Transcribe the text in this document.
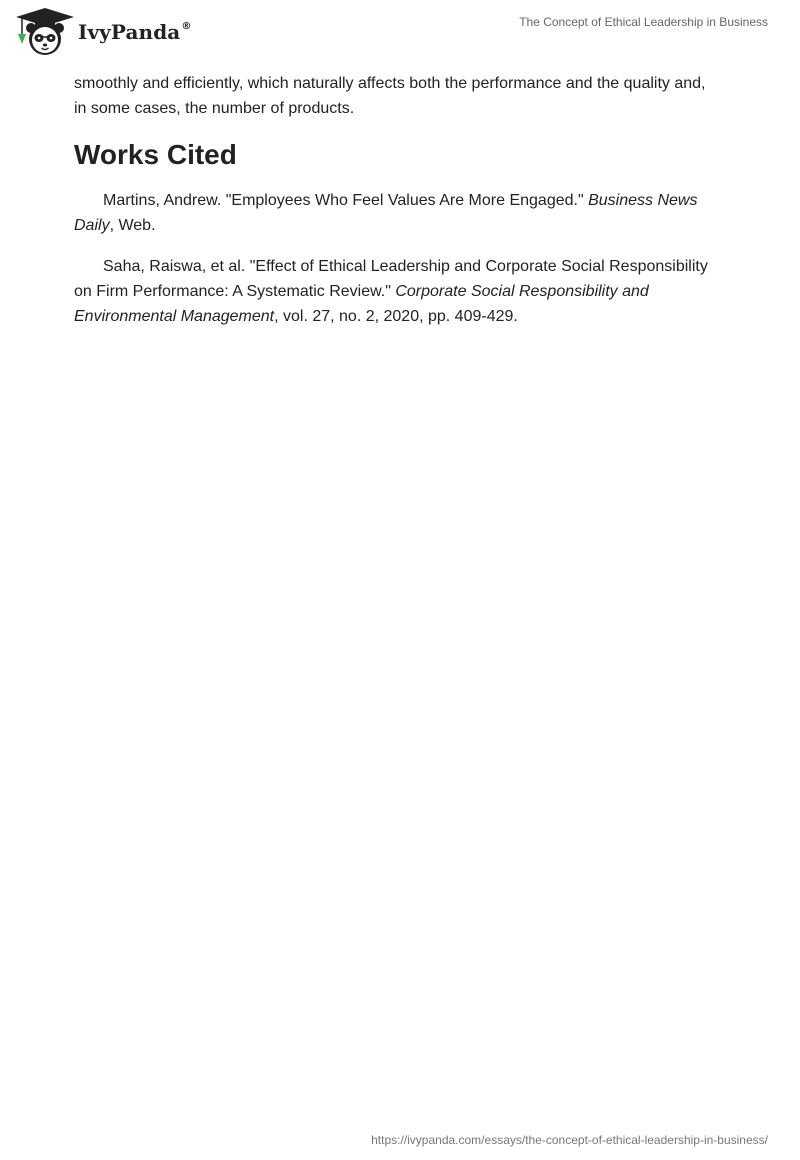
IvyPanda®	The Concept of Ethical Leadership in Business

smoothly and efficiently, which naturally affects both the performance and the quality and, in some cases, the number of products.

Works Cited

Martins, Andrew. "Employees Who Feel Values Are More Engaged." Business News Daily, Web.

Saha, Raiswa, et al. "Effect of Ethical Leadership and Corporate Social Responsibility on Firm Performance: A Systematic Review." Corporate Social Responsibility and Environmental Management, vol. 27, no. 2, 2020, pp. 409-429.

https://ivypanda.com/essays/the-concept-of-ethical-leadership-in-business/
